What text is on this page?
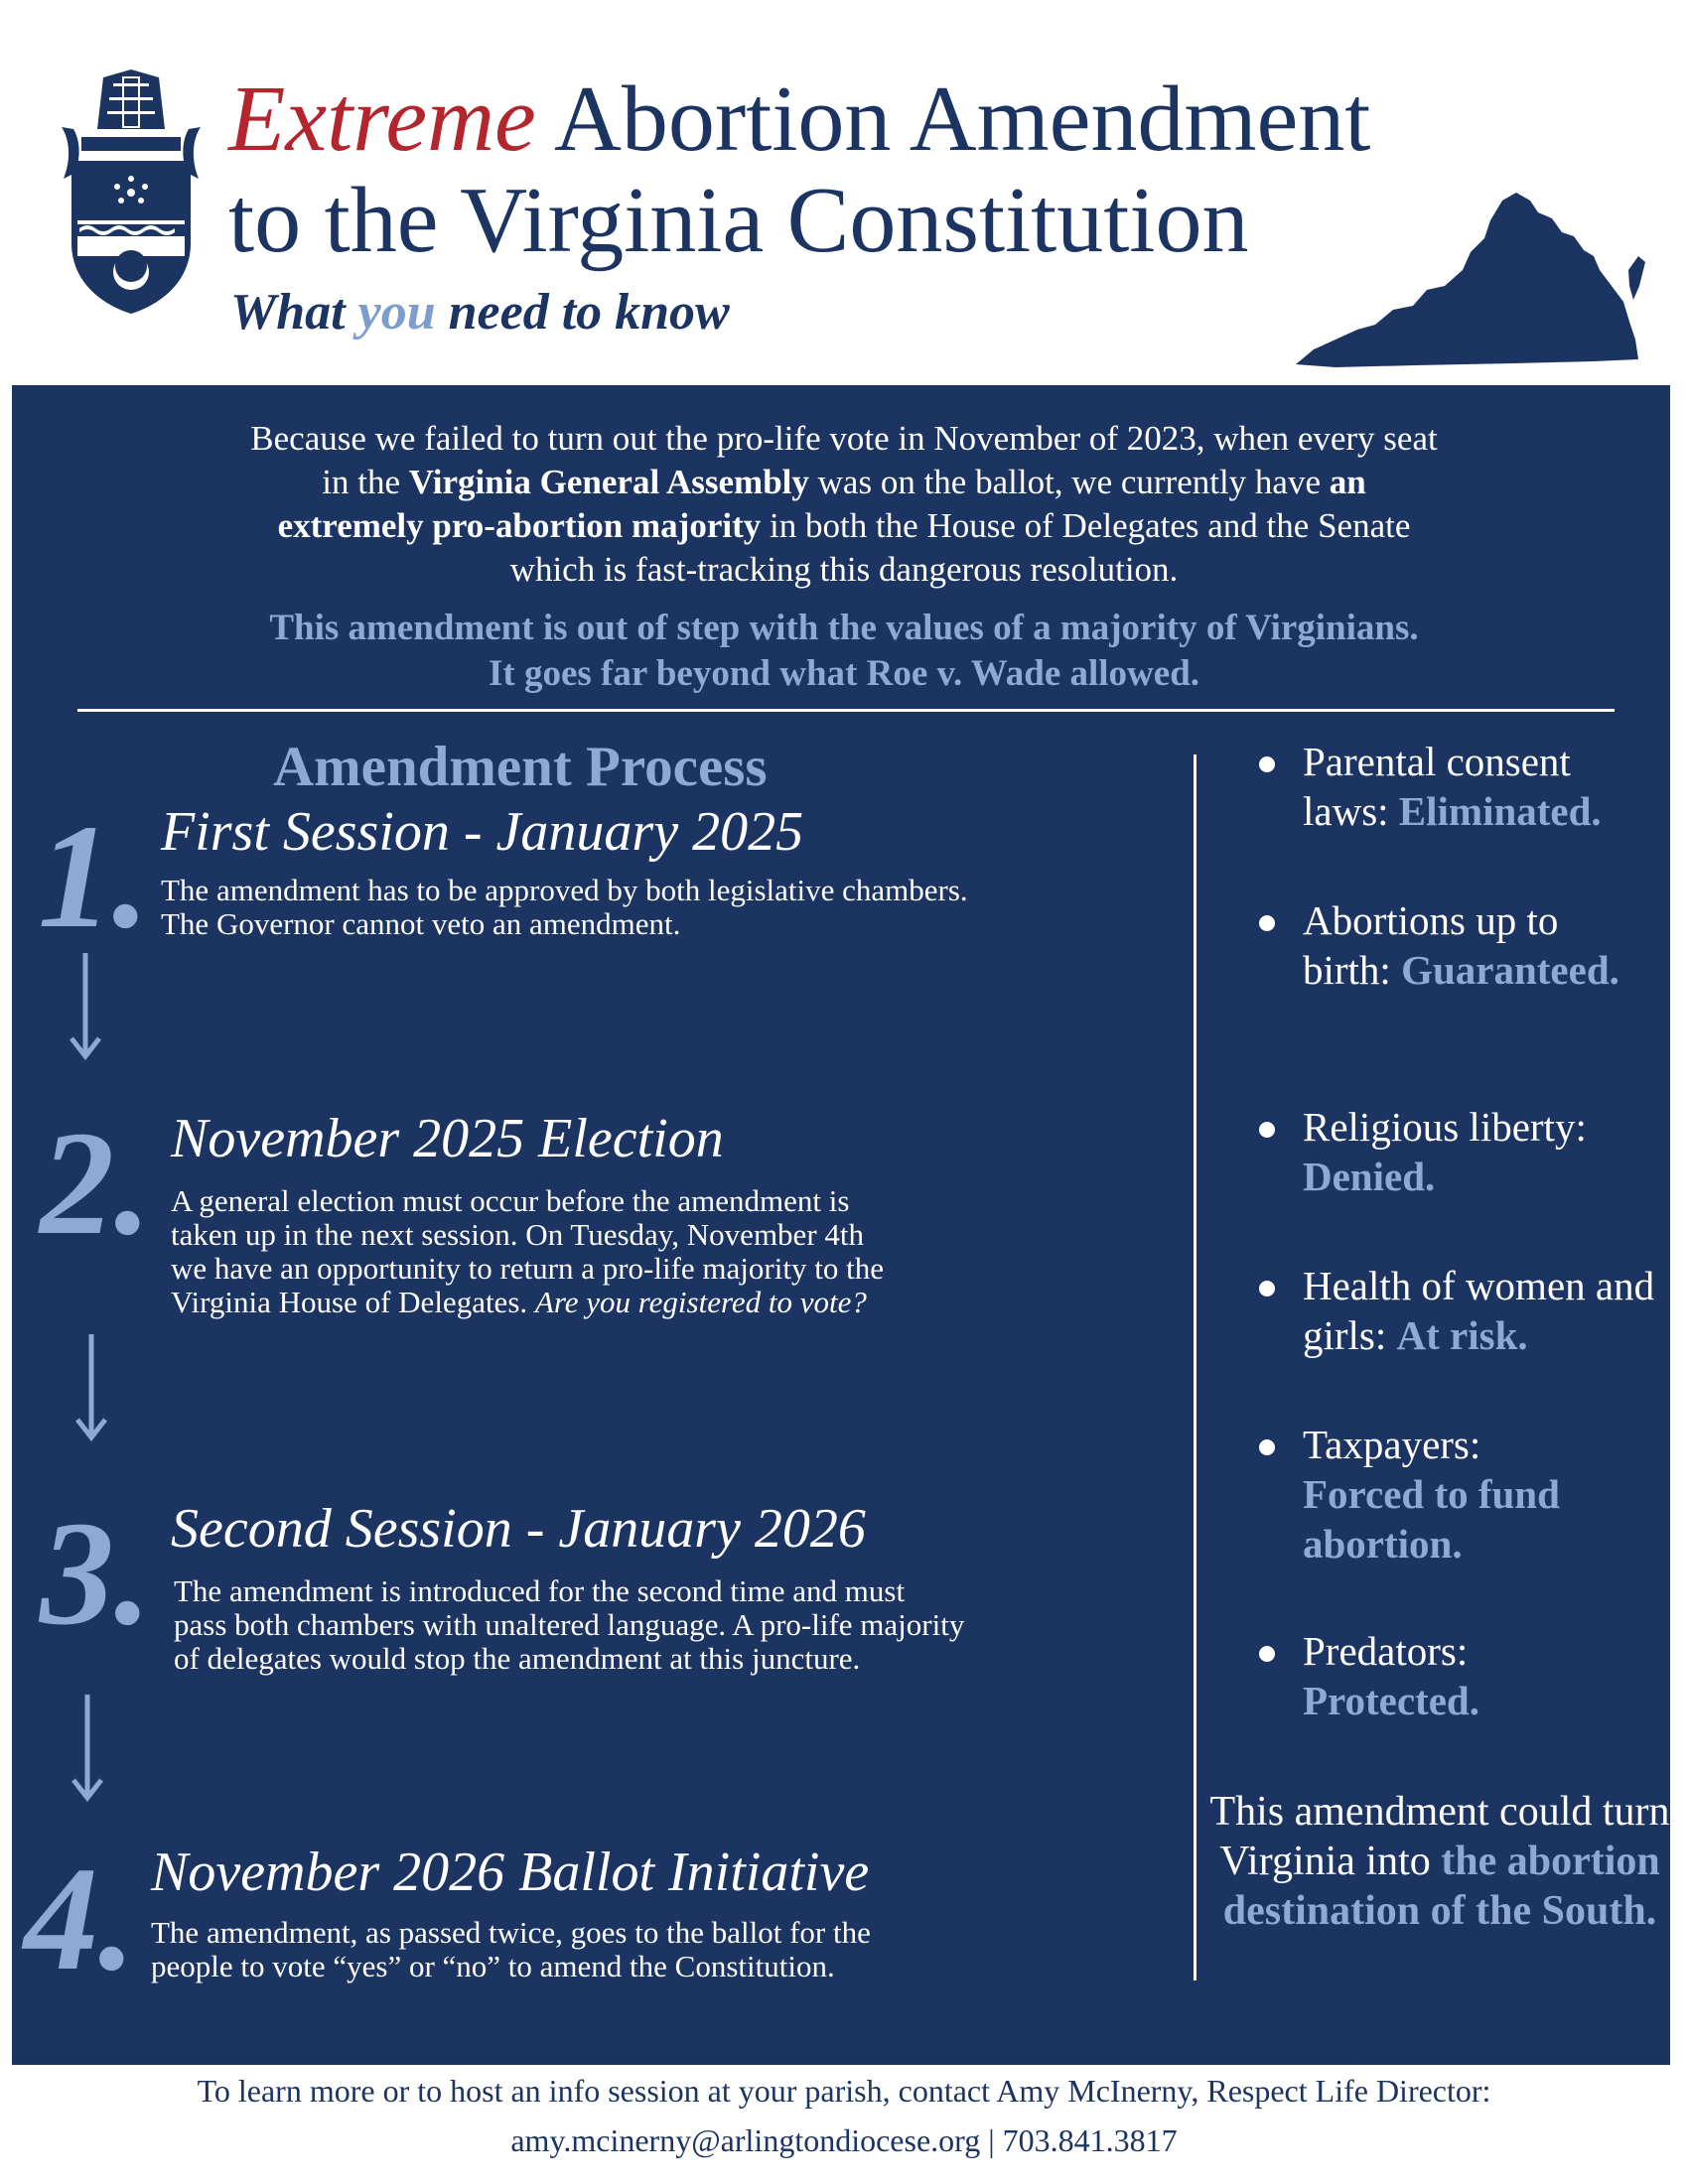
Extreme Abortion Amendment
to the Virginia Constitution
What you need to know
Because we failed to turn out the pro-life vote in November of 2023, when every seat
in the Virginia General Assembly was on the ballot, we currently have an
extremely pro-abortion majority in both the House of Delegates and the Senate
which is fast-tracking this dangerous resolution.
This amendment is out of step with the values of a majority of Virginians.
It goes far beyond what Roe v. Wade allowed.
Amendment Process
1. First Session - January 2025
The amendment has to be approved by both legislative chambers.
The Governor cannot veto an amendment.
2. November 2025 Election
A general election must occur before the amendment is
taken up in the next session. On Tuesday, November 4th
we have an opportunity to return a pro-life majority to the
Virginia House of Delegates. Are you registered to vote?
3. Second Session - January 2026
The amendment is introduced for the second time and must
pass both chambers with unaltered language. A pro-life majority
of delegates would stop the amendment at this juncture.
4. November 2026 Ballot Initiative
The amendment, as passed twice, goes to the ballot for the
people to vote “yes” or “no” to amend the Constitution.
Parental consent laws: Eliminated.
Abortions up to birth: Guaranteed.
Religious liberty: Denied.
Health of women and girls: At risk.
Taxpayers:
Forced to fund abortion.
Predators:
Protected.
This amendment could turn Virginia into the abortion destination of the South.
To learn more or to host an info session at your parish, contact Amy McInerny, Respect Life Director:
amy.mcinerny@arlingtondiocese.org | 703.841.3817
